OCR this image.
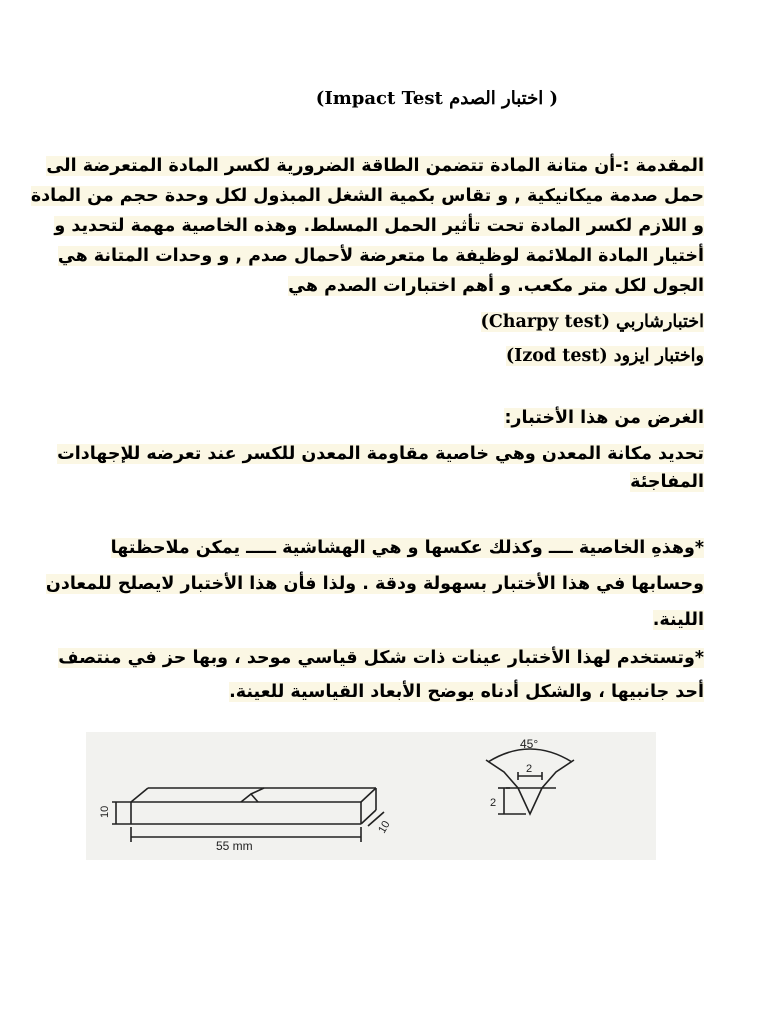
( اختبار الصدم Impact Test)
المقدمة :-أن متانة المادة تتضمن الطاقة الضرورية لكسر المادة المتعرضة الى
حمل صدمة ميكانيكية , و تقاس بكمية الشغل المبذول لكل وحدة حجم من المادة
و اللازم لكسر المادة تحت تأثير الحمل المسلط. وهذه الخاصية مهمة لتحديد و
أختيار المادة الملائمة لوظيفة ما متعرضة لأحمال صدم , و وحدات المتانة هي
الجول لكل متر مكعب. و أهم اختبارات الصدم هي
اختبارشاربي (Charpy test)
واختبار ايزود (Izod test)
الغرض من هذا الأختبار:
تحديد مكانة المعدن وهي خاصية مقاومة المعدن للكسر عند تعرضه للإجهادات
المفاجئة
*وهذهِ الخاصية ــــ وكذلك عكسها و هي الهشاشية ـــــ يمكن ملاحظتها
وحسابها في هذا الأختبار بسهولة ودقة . ولذا فأن هذا الأختبار لايصلح للمعادن
اللينة.
*وتستخدم لهذا الأختبار عينات ذات شكل قياسي موحد ، وبها حز في منتصف
أحد جانبيها ، والشكل أدناه يوضح الأبعاد القياسية للعينة.
10
55 mm
10
45°
2
2
